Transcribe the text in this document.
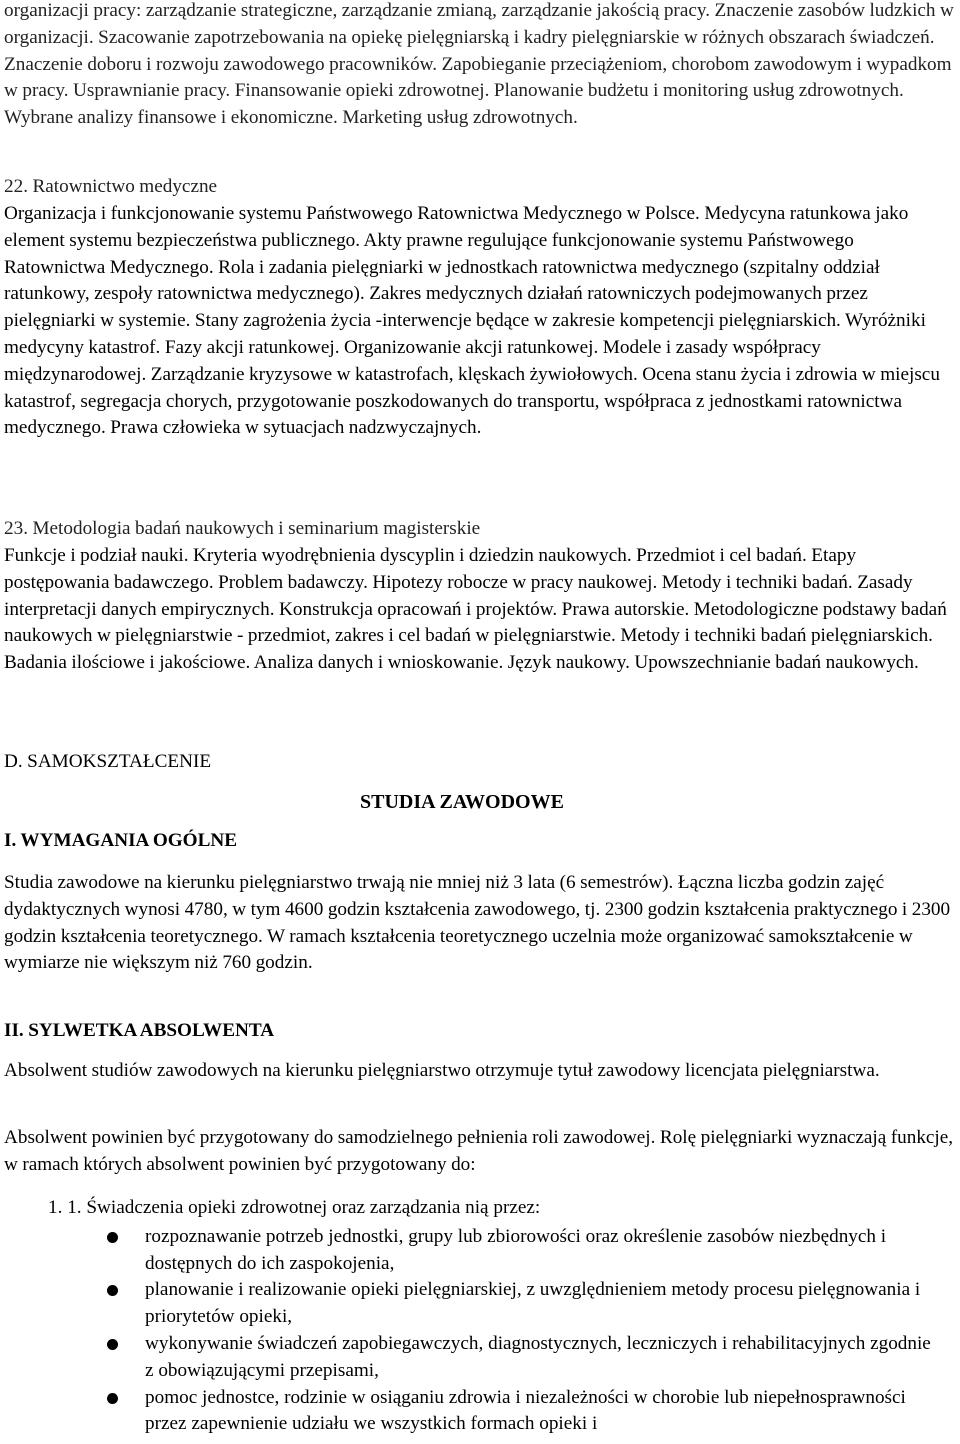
organizacji pracy: zarządzanie strategiczne, zarządzanie zmianą, zarządzanie jakością pracy. Znaczenie zasobów ludzkich w organizacji. Szacowanie zapotrzebowania na opiekę pielęgniarską i kadry pielęgniarskie w różnych obszarach świadczeń. Znaczenie doboru i rozwoju zawodowego pracowników. Zapobieganie przeciążeniom, chorobom zawodowym i wypadkom w pracy. Usprawnianie pracy. Finansowanie opieki zdrowotnej. Planowanie budżetu i monitoring usług zdrowotnych. Wybrane analizy finansowe i ekonomiczne. Marketing usług zdrowotnych.

22. Ratownictwo medyczne

Organizacja i funkcjonowanie systemu Państwowego Ratownictwa Medycznego w Polsce. Medycyna ratunkowa jako element systemu bezpieczeństwa publicznego. Akty prawne regulujące funkcjonowanie systemu Państwowego Ratownictwa Medycznego. Rola i zadania pielęgniarki w jednostkach ratownictwa medycznego (szpitalny oddział ratunkowy, zespoły ratownictwa medycznego). Zakres medycznych działań ratowniczych podejmowanych przez pielęgniarki w systemie. Stany zagrożenia życia -interwencje będące w zakresie kompetencji pielęgniarskich. Wyróżniki medycyny katastrof. Fazy akcji ratunkowej. Organizowanie akcji ratunkowej. Modele i zasady współpracy międzynarodowej. Zarządzanie kryzysowe w katastrofach, klęskach żywiołowych. Ocena stanu życia i zdrowia w miejscu katastrof, segregacja chorych, przygotowanie poszkodowanych do transportu, współpraca z jednostkami ratownictwa medycznego. Prawa człowieka w sytuacjach nadzwyczajnych.

23. Metodologia badań naukowych i seminarium magisterskie

Funkcje i podział nauki. Kryteria wyodrębnienia dyscyplin i dziedzin naukowych. Przedmiot i cel badań. Etapy postępowania badawczego. Problem badawczy. Hipotezy robocze w pracy naukowej. Metody i techniki badań. Zasady interpretacji danych empirycznych. Konstrukcja opracowań i projektów. Prawa autorskie. Metodologiczne podstawy badań naukowych w pielęgniarstwie - przedmiot, zakres i cel badań w pielęgniarstwie. Metody i techniki badań pielęgniarskich. Badania ilościowe i jakościowe. Analiza danych i wnioskowanie. Język naukowy. Upowszechnianie badań naukowych.

D. SAMOKSZTAŁCENIE

STUDIA ZAWODOWE

I. WYMAGANIA OGÓLNE

Studia zawodowe na kierunku pielęgniarstwo trwają nie mniej niż 3 lata (6 semestrów). Łączna liczba godzin zajęć dydaktycznych wynosi 4780, w tym 4600 godzin kształcenia zawodowego, tj. 2300 godzin kształcenia praktycznego i 2300 godzin kształcenia teoretycznego. W ramach kształcenia teoretycznego uczelnia może organizować samokształcenie w wymiarze nie większym niż 760 godzin.

II. SYLWETKA ABSOLWENTA

Absolwent studiów zawodowych na kierunku pielęgniarstwo otrzymuje tytuł zawodowy licencjata pielęgniarstwa.

Absolwent powinien być przygotowany do samodzielnego pełnienia roli zawodowej. Rolę pielęgniarki wyznaczają funkcje, w ramach których absolwent powinien być przygotowany do:

1. 1. Świadczenia opieki zdrowotnej oraz zarządzania nią przez:

rozpoznawanie potrzeb jednostki, grupy lub zbiorowości oraz określenie zasobów niezbędnych i dostępnych do ich zaspokojenia,
planowanie i realizowanie opieki pielęgniarskiej, z uwzględnieniem metody procesu pielęgnowania i priorytetów opieki,
wykonywanie świadczeń zapobiegawczych, diagnostycznych, leczniczych i rehabilitacyjnych zgodnie z obowiązującymi przepisami,
pomoc jednostce, rodzinie w osiąganiu zdrowia i niezależności w chorobie lub niepełnosprawności przez zapewnienie udziału we wszystkich formach opieki i
